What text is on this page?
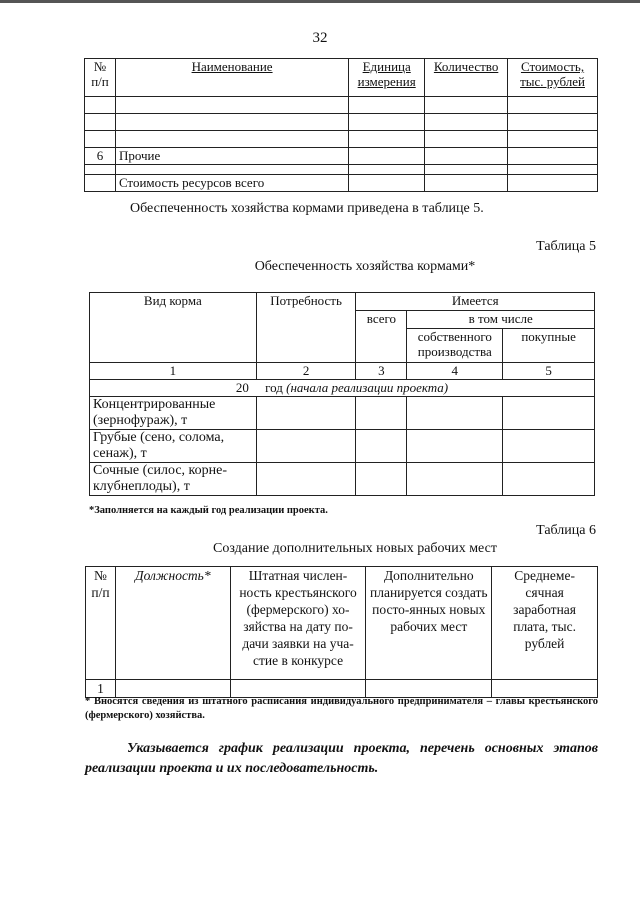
32
№ п/п	Наименование	Единица измерения	Количество	Стоимость, тыс. рублей

6	Прочие			

	Стоимость ресурсов всего			
Обеспеченность хозяйства кормами приведена в таблице 5.
Таблица 5
Обеспеченность хозяйства кормами*
Вид корма	Потребность	Имеется		
		всего	в том числе	
			собственного производства	покупные
1	2	3	4	5
20 год (начала реализации проекта)				
Концентрированные (зернофураж), т				
Грубые (сено, солома, сенаж), т				
Сочные (силос, корне-клубнеплоды), т				
*Заполняется на каждый год реализации проекта.
Таблица 6
Создание дополнительных новых рабочих мест
№ п/п	Должность*	Штатная числен-ность крестьянского (фермерского) хо-зяйства на дату по-дачи заявки на уча-стие в конкурсе	Дополнительно планируется создать посто-янных новых рабочих мест	Среднеме-сячная заработная плата, тыс. рублей
1				
* Вносятся сведения из штатного расписания индивидуального предпринимателя – главы крестьянского (фермерского) хозяйства.
Указывается график реализации проекта, перечень основных этапов реализации проекта и их последовательность.
